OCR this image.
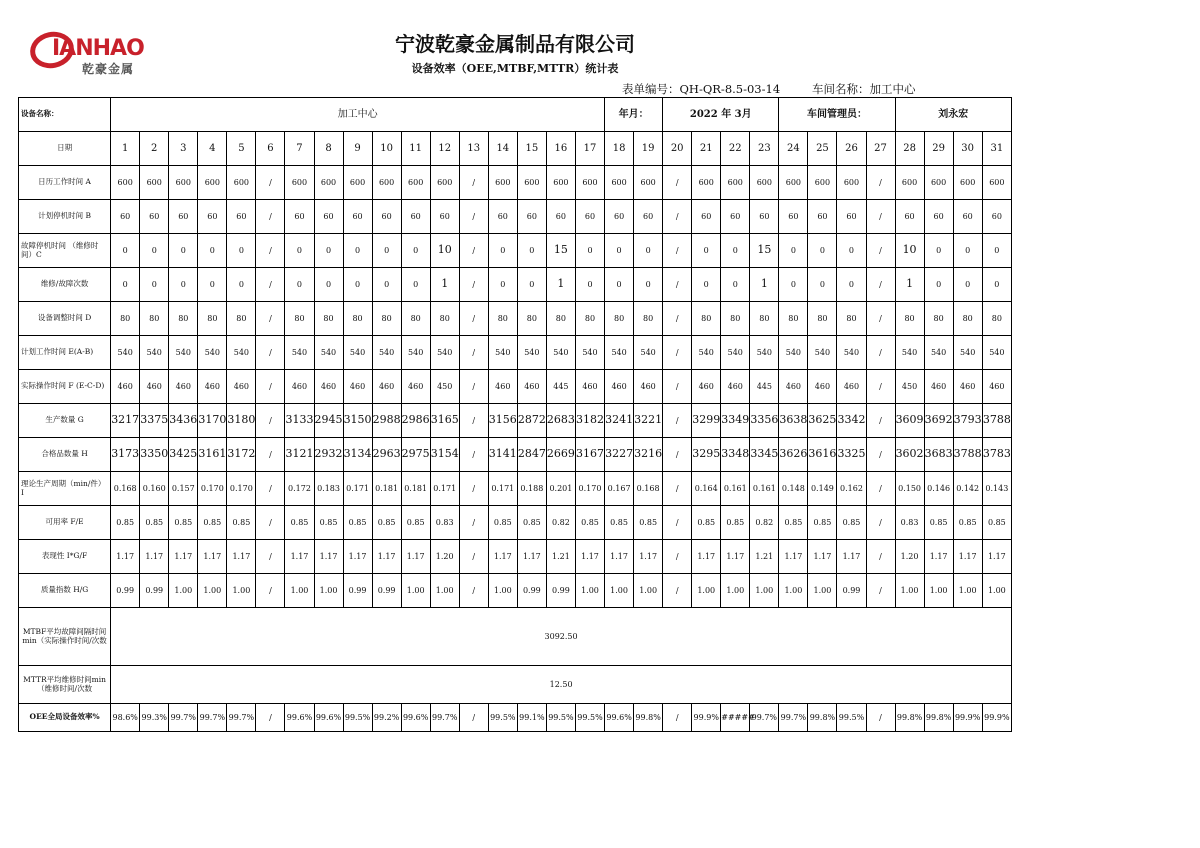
IANHAO
乾豪金属
宁波乾豪金属制品有限公司
设备效率（OEE,MTBF,MTTR）统计表
表单编号：QH-QR-8.5-03-14	车间名称：加工中心
设备名称：	加工中心																	年月：		2022 年 3月				车间管理员：				刘永宏			
日期	1	2	3	4	5	6	7	8	9	10	11	12	13	14	15	16	17	18	19	20	21	22	23	24	25	26	27	28	29	30	31
日历工作时间 A	600	600	600	600	600	/	600	600	600	600	600	600	/	600	600	600	600	600	600	/	600	600	600	600	600	600	/	600	600	600	600
计划停机时间 B	60	60	60	60	60	/	60	60	60	60	60	60	/	60	60	60	60	60	60	/	60	60	60	60	60	60	/	60	60	60	60
故障停机时间 （维修时间）C	0	0	0	0	0	/	0	0	0	0	0	10	/	0	0	15	0	0	0	/	0	0	15	0	0	0	/	10	0	0	0
维修/故障次数	0	0	0	0	0	/	0	0	0	0	0	1	/	0	0	1	0	0	0	/	0	0	1	0	0	0	/	1	0	0	0
设备调整时间 D	80	80	80	80	80	/	80	80	80	80	80	80	/	80	80	80	80	80	80	/	80	80	80	80	80	80	/	80	80	80	80
计划工作时间 E(A-B)	540	540	540	540	540	/	540	540	540	540	540	540	/	540	540	540	540	540	540	/	540	540	540	540	540	540	/	540	540	540	540
实际操作时间 F (E-C-D)	460	460	460	460	460	/	460	460	460	460	460	450	/	460	460	445	460	460	460	/	460	460	445	460	460	460	/	450	460	460	460
生产数量 G	3217	3375	3436	3170	3180	/	3133	2945	3150	2988	2986	3165	/	3156	2872	2683	3182	3241	3221	/	3299	3349	3356	3638	3625	3342	/	3609	3692	3793	3788
合格品数量 H	3173	3350	3425	3161	3172	/	3121	2932	3134	2963	2975	3154	/	3141	2847	2669	3167	3227	3216	/	3295	3348	3345	3626	3616	3325	/	3602	3683	3788	3783
理论生产周期（min/件）I	0.168	0.160	0.157	0.170	0.170	/	0.172	0.183	0.171	0.181	0.181	0.171	/	0.171	0.188	0.201	0.170	0.167	0.168	/	0.164	0.161	0.161	0.148	0.149	0.162	/	0.150	0.146	0.142	0.143
可用率 F/E	0.85	0.85	0.85	0.85	0.85	/	0.85	0.85	0.85	0.85	0.85	0.83	/	0.85	0.85	0.82	0.85	0.85	0.85	/	0.85	0.85	0.82	0.85	0.85	0.85	/	0.83	0.85	0.85	0.85
表现性 I*G/F	1.17	1.17	1.17	1.17	1.17	/	1.17	1.17	1.17	1.17	1.17	1.20	/	1.17	1.17	1.21	1.17	1.17	1.17	/	1.17	1.17	1.21	1.17	1.17	1.17	/	1.20	1.17	1.17	1.17
质量指数 H/G	0.99	0.99	1.00	1.00	1.00	/	1.00	1.00	0.99	0.99	1.00	1.00	/	1.00	0.99	0.99	1.00	1.00	1.00	/	1.00	1.00	1.00	1.00	1.00	0.99	/	1.00	1.00	1.00	1.00
MTBF平均故障间隔时间min（实际操作时间/次数	3092.50																														
MTTR平均维修时间min（维修时间/次数	12.50																														
OEE全局设备效率%	98.6%	99.3%	99.7%	99.7%	99.7%	/	99.6%	99.6%	99.5%	99.2%	99.6%	99.7%	/	99.5%	99.1%	99.5%	99.5%	99.6%	99.8%	/	99.9%	#####	99.7%	99.7%	99.8%	99.5%	/	99.8%	99.8%	99.9%	99.9%
